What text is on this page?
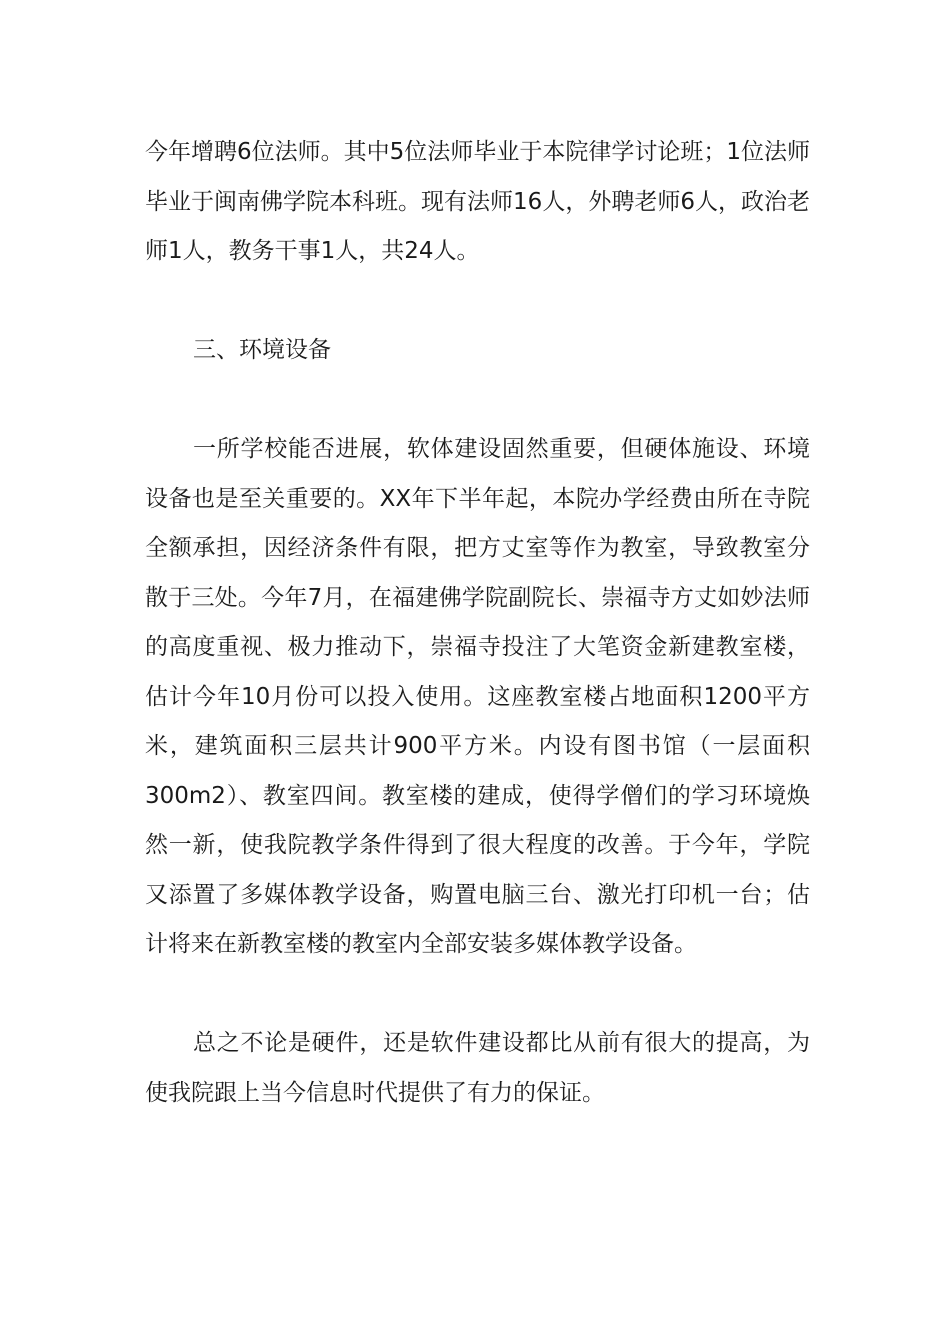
今年增聘6位法师。其中5位法师毕业于本院律学讨论班；1位法师毕业于闽南佛学院本科班。现有法师16人，外聘老师6人，政治老师1人，教务干事1人，共24人。

三、环境设备

一所学校能否进展，软体建设固然重要，但硬体施设、环境设备也是至关重要的。XX年下半年起，本院办学经费由所在寺院全额承担，因经济条件有限，把方丈室等作为教室，导致教室分散于三处。今年7月，在福建佛学院副院长、崇福寺方丈如妙法师的高度重视、极力推动下，崇福寺投注了大笔资金新建教室楼，估计今年10月份可以投入使用。这座教室楼占地面积1200平方米，建筑面积三层共计900平方米。内设有图书馆（一层面积300m2）、教室四间。教室楼的建成，使得学僧们的学习环境焕然一新，使我院教学条件得到了很大程度的改善。于今年，学院又添置了多媒体教学设备，购置电脑三台、激光打印机一台；估计将来在新教室楼的教室内全部安装多媒体教学设备。

总之不论是硬件，还是软件建设都比从前有很大的提高，为使我院跟上当今信息时代提供了有力的保证。
